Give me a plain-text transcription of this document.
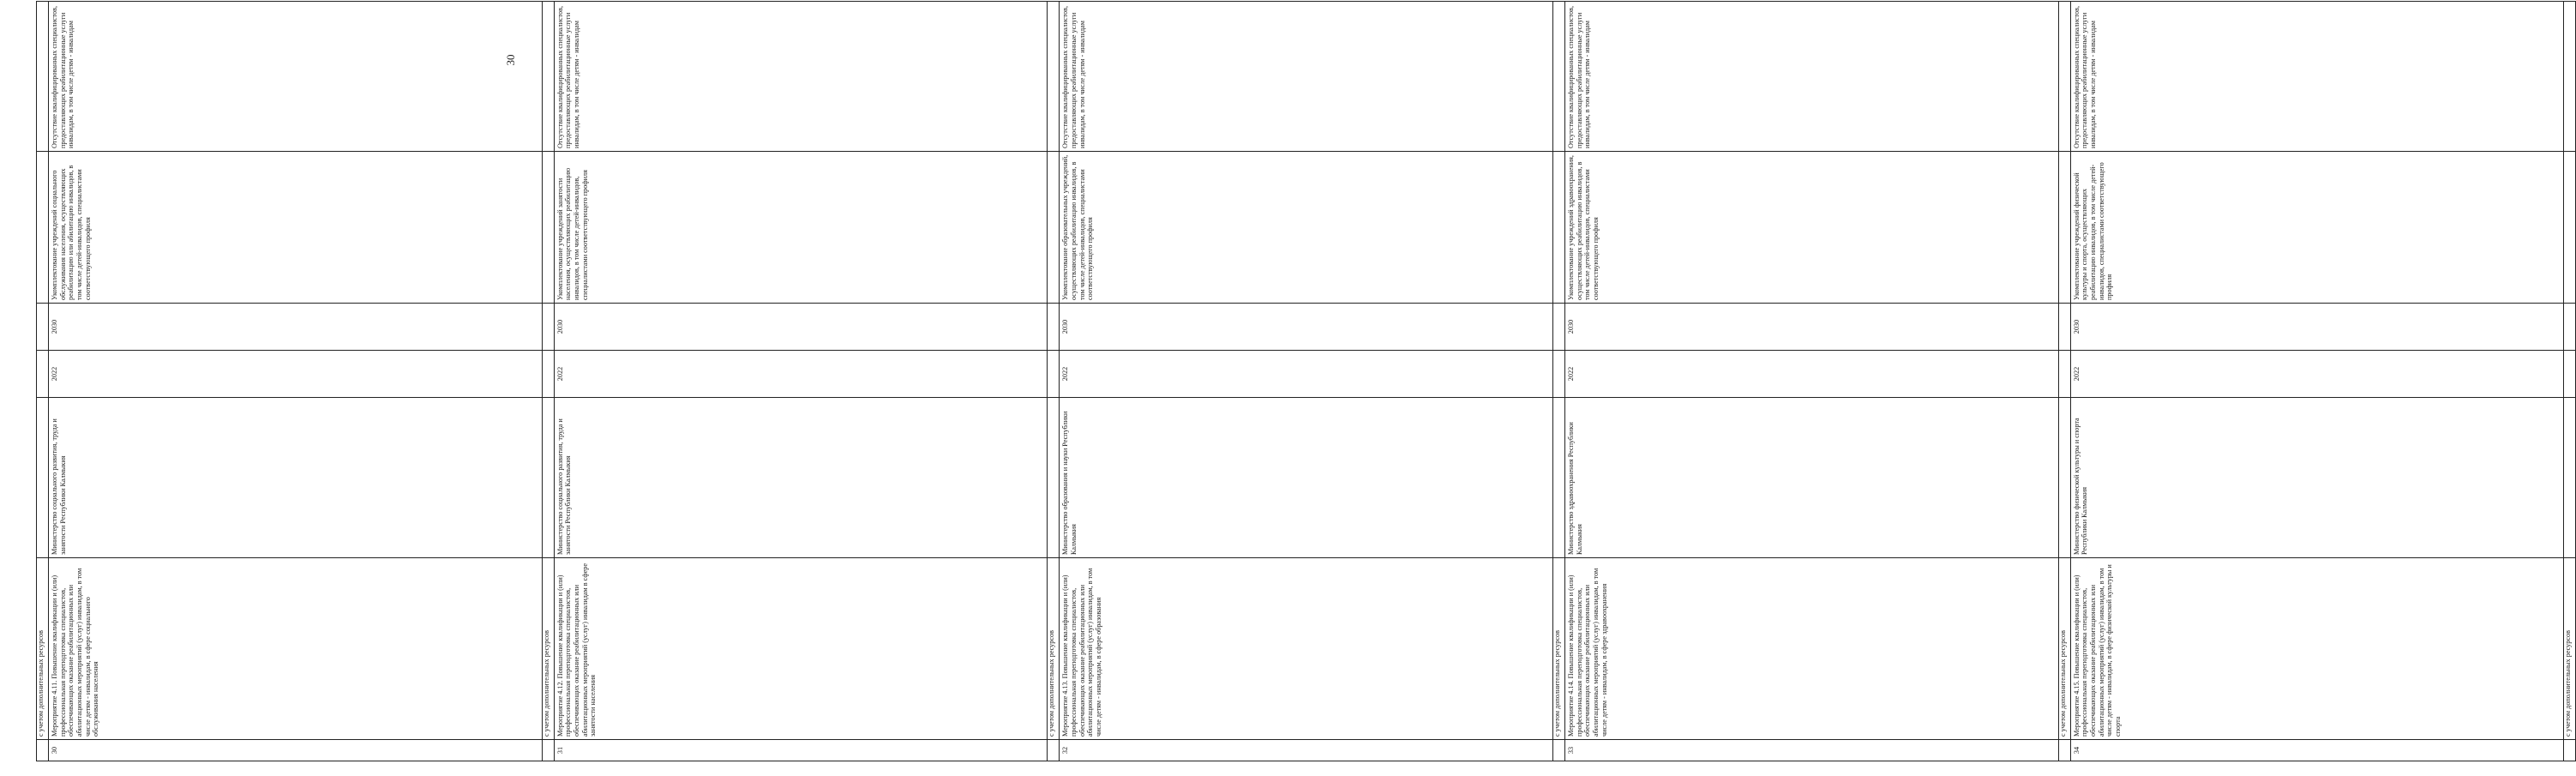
	с учетом дополнительных ресурсов						
30	Мероприятие 4.11. Повышение квалификации и (или) профессиональная переподготовка специалистов, обеспечивающих оказание реабилитационных или абилитационных мероприятий (услуг) инвалидам, в том числе детям - инвалидам, в сфере социального обслуживания населения	Министерство социального развития, труда и занятости Республики Калмыкия	2022	2030	Укомплектование учреждений социального обслуживания населения, осуществляющих реабилитацию или абилитацию инвалидов, в том числе детей-инвалидов, специалистами соответствующего профиля	Отсутствие квалифицированных специалистов, предоставляющих реабилитационные услуги инвалидам, в том числе детям - инвалидам	
	с учетом дополнительных ресурсов						
31	Мероприятие 4.12. Повышение квалификации и (или) профессиональная переподготовка специалистов, обеспечивающих оказание реабилитационных или абилитационных мероприятий (услуг) инвалидам в сфере занятости населения	Министерство социального развития, труда и занятости Республики Калмыкия	2022	2030	Укомплектование учреждений занятости населения, осуществляющих реабилитацию инвалидов, в том числе детей-инвалидов, специалистами соответствующего профиля	Отсутствие квалифицированных специалистов, предоставляющих реабилитационные услуги инвалидам, в том числе детям - инвалидам	
	с учетом дополнительных ресурсов						
32	Мероприятие 4.13. Повышение квалификации и (или) профессиональная переподготовка специалистов, обеспечивающих оказание реабилитационных или абилитационных мероприятий (услуг) инвалидам, в том числе детям - инвалидам, в сфере образования	Министерство образования и науки Республики Калмыкия	2022	2030	Укомплектование образовательных учреждений, осуществляющих реабилитацию инвалидов, в том числе детей-инвалидов, специалистами соответствующего профиля	Отсутствие квалифицированных специалистов, предоставляющих реабилитационные услуги инвалидам, в том числе детям - инвалидам	
	с учетом дополнительных ресурсов						
33	Мероприятие 4.14. Повышение квалификации и (или) профессиональная переподготовка специалистов, обеспечивающих оказание реабилитационных или абилитационных мероприятий (услуг) инвалидам, в том числе детям - инвалидам, в сфере здравоохранения	Министерство здравоохранения Республики Калмыкия	2022	2030	Укомплектование учреждений здравоохранения, осуществляющих реабилитацию инвалидов, в том числе детей-инвалидов, специалистами соответствующего профиля	Отсутствие квалифицированных специалистов, предоставляющих реабилитационные услуги инвалидам, в том числе детям - инвалидам	
	с учетом дополнительных ресурсов						
34	Мероприятие 4.15. Повышение квалификации и (или) профессиональная переподготовка специалистов, обеспечивающих оказание реабилитационных или абилитационных мероприятий (услуг) инвалидам, в том числе детям - инвалидам, в сфере физической культуры и спорта	Министерство физической культуры и спорта Республики Калмыкия	2022	2030	Укомплектование учреждений физической культуры и спорта, осуществляющих реабилитацию инвалидов, в том числе детей-инвалидов, специалистами соответствующего профиля	Отсутствие квалифицированных специалистов, предоставляющих реабилитационные услуги инвалидам, в том числе детям - инвалидам	
	с учетом дополнительных ресурсов						
30
